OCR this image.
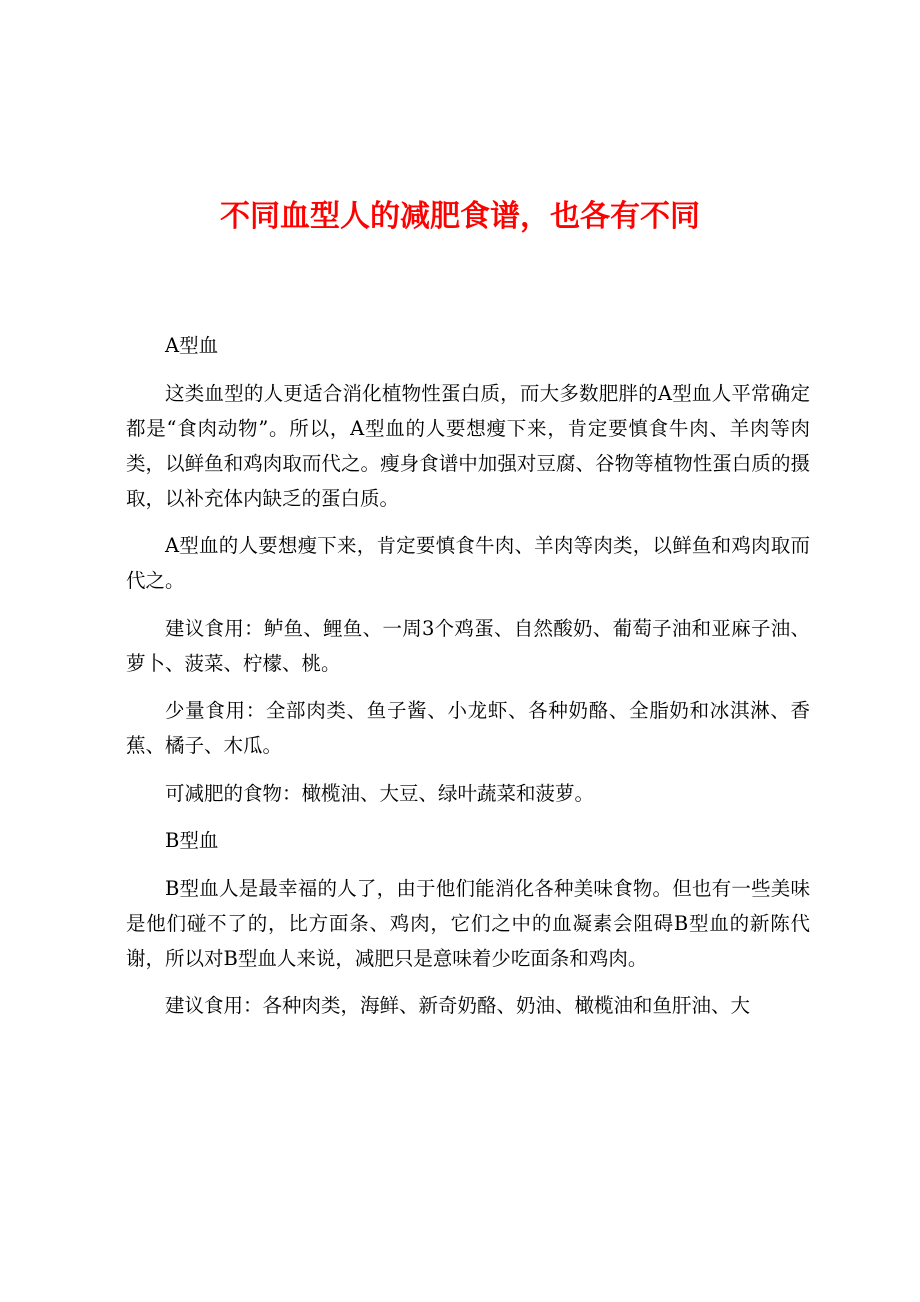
不同血型人的减肥食谱，也各有不同

A型血

这类血型的人更适合消化植物性蛋白质，而大多数肥胖的A型血人平常确定都是“食肉动物”。所以，A型血的人要想瘦下来，肯定要慎食牛肉、羊肉等肉类，以鲜鱼和鸡肉取而代之。瘦身食谱中加强对豆腐、谷物等植物性蛋白质的摄取，以补充体内缺乏的蛋白质。

A型血的人要想瘦下来，肯定要慎食牛肉、羊肉等肉类，以鲜鱼和鸡肉取而代之。

建议食用：鲈鱼、鲤鱼、一周3个鸡蛋、自然酸奶、葡萄子油和亚麻子油、萝卜、菠菜、柠檬、桃。

少量食用：全部肉类、鱼子酱、小龙虾、各种奶酪、全脂奶和冰淇淋、香蕉、橘子、木瓜。

可减肥的食物：橄榄油、大豆、绿叶蔬菜和菠萝。

B型血

B型血人是最幸福的人了，由于他们能消化各种美味食物。但也有一些美味是他们碰不了的，比方面条、鸡肉，它们之中的血凝素会阻碍B型血的新陈代谢，所以对B型血人来说，减肥只是意味着少吃面条和鸡肉。

建议食用：各种肉类，海鲜、新奇奶酪、奶油、橄榄油和鱼肝油、大
